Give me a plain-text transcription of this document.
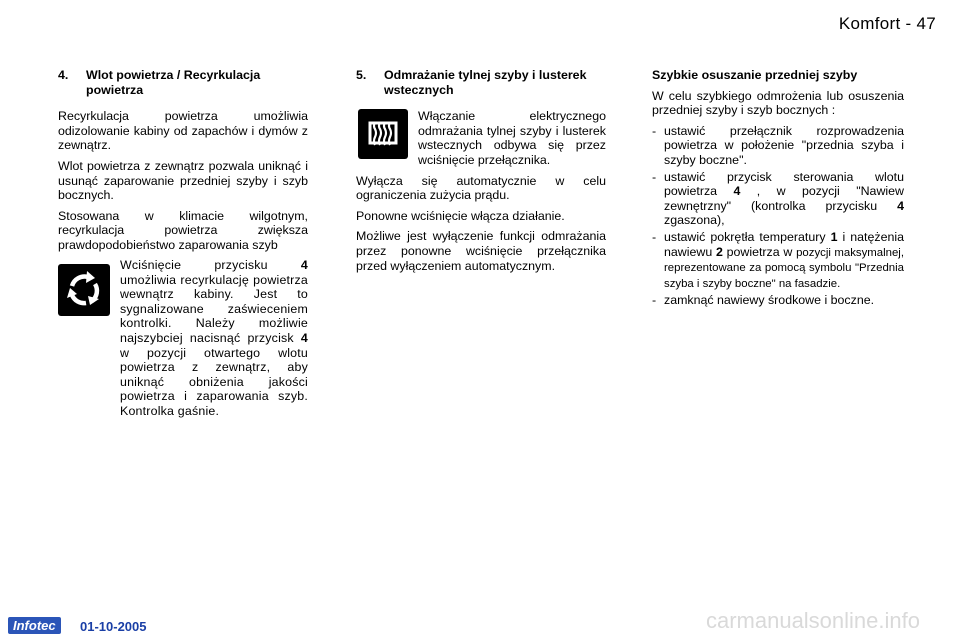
Komfort - 47
4.	Wlot powietrza / Recyrkulacja powietrza

Recyrkulacja powietrza umożliwia odizolowanie kabiny od zapachów i dymów z zewnątrz.

Wlot powietrza z zewnątrz pozwala uniknąć i usunąć zaparowanie przedniej szyby i szyb bocznych.

Stosowana w klimacie wilgotnym, recyrkulacja powietrza zwiększa prawdopodobieństwo zaparowania szyb

Wciśnięcie przycisku 4 umożliwia recyrkulację powietrza wewnątrz kabiny. Jest to sygnalizowane zaświeceniem kontrolki. Należy możliwie najszybciej nacisnąć przycisk 4 w pozycji otwartego wlotu powietrza z zewnątrz, aby uniknąć obniżenia jakości powietrza i zaparowania szyb. Kontrolka gaśnie.
5.	Odmrażanie tylnej szyby i lusterek wstecznych

Włączanie elektrycznego odmrażania tylnej szyby i lusterek wstecznych odbywa się przez wciśnięcie przełącznika.

Wyłącza się automatycznie w celu ograniczenia zużycia prądu.

Ponowne wciśnięcie włącza działanie.

Możliwe jest wyłączenie funkcji odmrażania przez ponowne wciśnięcie przełącznika przed wyłączeniem automatycznym.

Szybkie osuszanie przedniej szyby

W celu szybkiego odmrożenia lub osuszenia przedniej szyby i szyb bocznych :

- ustawić przełącznik rozprowadzenia powietrza w położenie "przednia szyba i szyby boczne".
- ustawić przycisk sterowania wlotu powietrza 4 , w pozycji "Nawiew zewnętrzny" (kontrolka przycisku 4 zgaszona),
- ustawić pokrętła temperatury 1 i natężenia nawiewu 2 powietrza w pozycji maksymalnej, reprezentowane za pomocą symbolu "Przednia szyba i szyby boczne" na fasadzie.
- zamknąć nawiewy środkowe i boczne.
Infotec	01-10-2005	carmanualsonline.info
